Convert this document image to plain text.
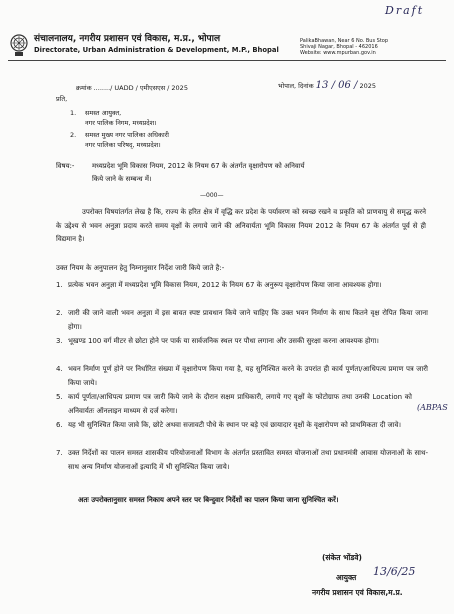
Draft
संचालनालय, नगरीय प्रशासन एवं विकास, म.प्र., भोपाल
Directorate, Urban Administration & Development, M.P., Bhopal
PalikaBhawan, Near 6 No. Bus Stop
Shivaji Nagar, Bhopal - 462016
Website: www.mpurban.gov.in
क्रमांक ......../ UADD / एमीएसएस / 2025	भोपाल, दिनांक 13 / 06 / 2025
प्रति,
1. समस्त आयुक्त,
नगर पालिक निगम, मध्यप्रदेश।
2. समस्त मुख्य नगर पालिका अधिकारी
नगर पालिका परिषद्, मध्यप्रदेश।
विषय:-	मध्यप्रदेश भूमि विकास नियम, 2012 के नियम 67 के अंतर्गत वृक्षारोपण को अनिवार्य
किये जाने के सम्बन्ध में।
—000—
उपरोक्त विषयांतर्गत लेख है कि, राज्य के हरित क्षेत्र में वृद्धि कर प्रदेश के पर्यावरण को स्वच्छ रखने व प्रकृति को प्राणवायु से समृद्ध करने के उद्देश्य से भवन अनुज्ञा प्रदाय करते समय वृक्षों के लगाये जाने की अनिवार्यता भूमि विकास नियम 2012 के नियम 67 के अंतर्गत पूर्व से ही विद्यमान है।
उक्त नियम के अनुपालन हेतु निम्नानुसार निर्देश जारी किये जाते है:-
1. प्रत्येक भवन अनुज्ञा में मध्यप्रदेश भूमि विकास नियम, 2012 के नियम 67 के अनुरूप वृक्षारोपण किया जाना आवश्यक होगा।
2. जारी की जाने वाली भवन अनुज्ञा में इस बावत स्पष्ट प्रावधान किये जाने चाहिए कि उक्त भवन निर्माण के साथ कितने वृक्ष रोपित किया जाना होगा।
3. भूखण्ड 100 वर्ग मीटर से छोटा होने पर पार्क या सार्वजनिक स्थल पर पौधा लगाना और उसकी सुरक्षा करना आवश्यक होगा।
4. भवन निर्माण पूर्ण होने पर निर्धारित संख्या में वृक्षारोपण किया गया है, यह सुनिश्चित करने के उपरांत ही कार्य पूर्णता/आधिपत्य प्रमाण पत्र जारी किया जाये।
5. कार्य पूर्णता/आधिपत्य प्रमाण पत्र जारी किये जाने के दौरान सक्षम प्राधिकारी, लगाये गए वृक्षों के फोटोग्राफ तथा उनकी Location को अनिवार्यतः ऑनलाइन माध्यम से दर्ज करेगा।
6. यह भी सुनिश्चित किया जावे कि, छोटे अथवा सजावटी पौधे के स्थान पर बड़े एवं छायादार वृक्षों के वृक्षारोपण को प्राथमिकता दी जावे।
7. उक्त निर्देशों का पालन समस्त शासकीय परियोजनाओं विभाग के अंतर्गत प्रस्तावित समस्त योजनाओं तथा प्रधानमंत्री आवास योजनाओं के साथ-साथ अन्य निर्माण योजनाओं इत्यादि में भी सुनिश्चित किया जाये।
(ABPAS
अतः उपरोक्तानुसार समस्त निकाय अपने स्तर पर बिन्दुवार निर्देशों का पालन किया जाना सुनिश्चित करें।
(संकेत भोंडवे)
आयुक्त 13/6/25
नगरीय प्रशासन एवं विकास,म.प्र.
